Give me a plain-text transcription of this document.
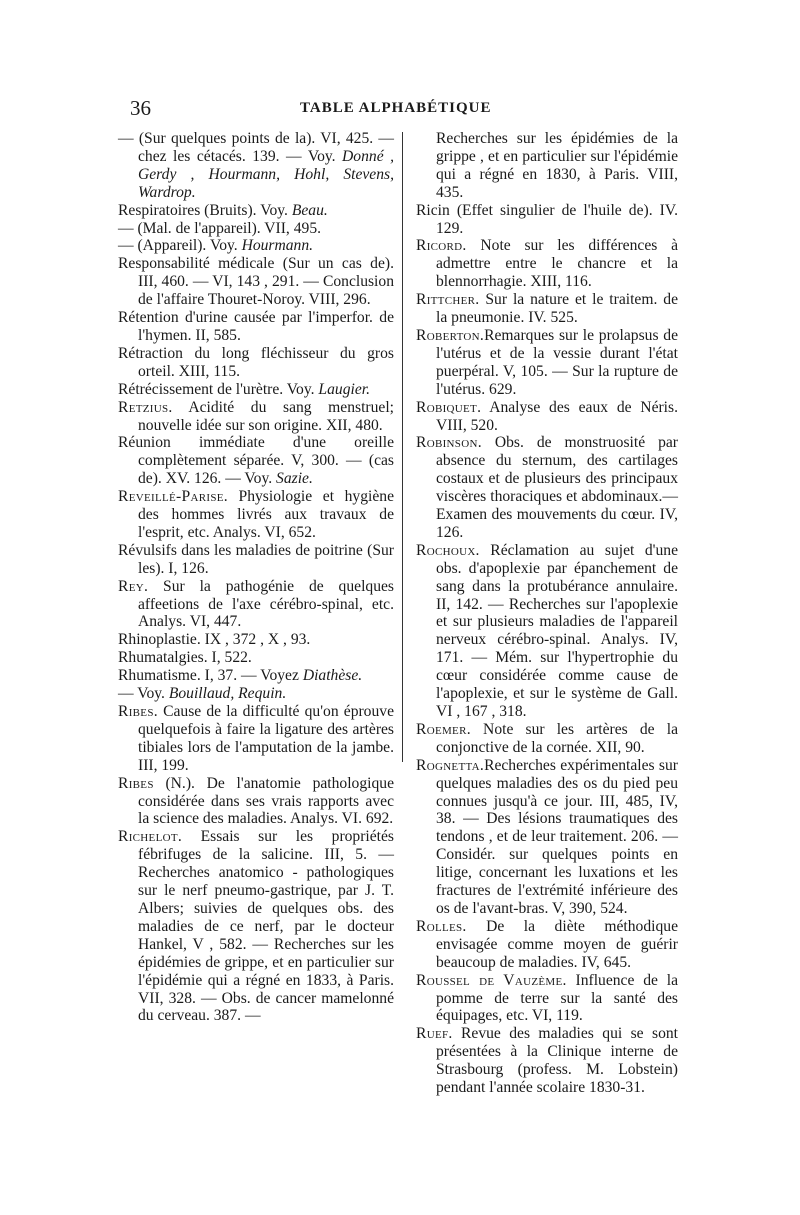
36	TABLE ALPHABÉTIQUE

— (Sur quelques points de la). VI, 425. — chez les cétacés. 139. — Voy. Donné , Gerdy , Hourmann, Hohl, Stevens, Wardrop.

Respiratoires (Bruits). Voy. Beau.

— (Mal. de l'appareil). VII, 495.

— (Appareil). Voy. Hourmann.

Responsabilité médicale (Sur un cas de). III, 460. — VI, 143 , 291. — Conclusion de l'affaire Thouret-Noroy. VIII, 296.

Rétention d'urine causée par l'imperfor. de l'hymen. II, 585.

Rétraction du long fléchisseur du gros orteil. XIII, 115.

Rétrécissement de l'urètre. Voy. Laugier.

Retzius. Acidité du sang menstruel; nouvelle idée sur son origine. XII, 480.

Réunion immédiate d'une oreille complètement séparée. V, 300. — (cas de). XV. 126. — Voy. Sazie.

Reveillé-Parise. Physiologie et hygiène des hommes livrés aux travaux de l'esprit, etc. Analys. VI, 652.

Révulsifs dans les maladies de poitrine (Sur les). I, 126.

Rey. Sur la pathogénie de quelques affeetions de l'axe cérébro-spinal, etc. Analys. VI, 447.

Rhinoplastie. IX , 372 , X , 93.

Rhumatalgies. I, 522.

Rhumatisme. I, 37. — Voyez Diathèse.

— Voy. Bouillaud, Requin.

Ribes. Cause de la difficulté qu'on éprouve quelquefois à faire la ligature des artères tibiales lors de l'amputation de la jambe. III, 199.

Ribes (N.). De l'anatomie pathologique considérée dans ses vrais rapports avec la science des maladies. Analys. VI. 692.

Richelot. Essais sur les propriétés fébrifuges de la salicine. III, 5. — Recherches anatomico - pathologiques sur le nerf pneumo-gastrique, par J. T. Albers; suivies de quelques obs. des maladies de ce nerf, par le docteur Hankel, V , 582. — Recherches sur les épidémies de grippe, et en particulier sur l'épidémie qui a régné en 1833, à Paris. VII, 328. — Obs. de cancer mamelonné du cerveau. 387. —

Recherches sur les épidémies de la grippe , et en particulier sur l'épidémie qui a régné en 1830, à Paris. VIII, 435.

Ricin (Effet singulier de l'huile de). IV. 129.

Ricord. Note sur les différences à admettre entre le chancre et la blennorrhagie. XIII, 116.

Rittcher. Sur la nature et le traitem. de la pneumonie. IV. 525.

Roberton.Remarques sur le prolapsus de l'utérus et de la vessie durant l'état puerpéral. V, 105. — Sur la rupture de l'utérus. 629.

Robiquet. Analyse des eaux de Néris. VIII, 520.

Robinson. Obs. de monstruosité par absence du sternum, des cartilages costaux et de plusieurs des principaux viscères thoraciques et abdominaux.—Examen des mouvements du cœur. IV, 126.

Rochoux. Réclamation au sujet d'une obs. d'apoplexie par épanchement de sang dans la protubérance annulaire. II, 142. — Recherches sur l'apoplexie et sur plusieurs maladies de l'appareil nerveux cérébro-spinal. Analys. IV, 171. — Mém. sur l'hypertrophie du cœur considérée comme cause de l'apoplexie, et sur le système de Gall. VI , 167 , 318.

Roemer. Note sur les artères de la conjonctive de la cornée. XII, 90.

Rognetta.Recherches expérimentales sur quelques maladies des os du pied peu connues jusqu'à ce jour. III, 485, IV, 38. — Des lésions traumatiques des tendons , et de leur traitement. 206. — Considér. sur quelques points en litige, concernant les luxations et les fractures de l'extrémité inférieure des os de l'avant-bras. V, 390, 524.

Rolles. De la diète méthodique envisagée comme moyen de guérir beaucoup de maladies. IV, 645.

Roussel de Vauzème. Influence de la pomme de terre sur la santé des équipages, etc. VI, 119.

Ruef. Revue des maladies qui se sont présentées à la Clinique interne de Strasbourg (profess. M. Lobstein) pendant l'année scolaire 1830-31.
